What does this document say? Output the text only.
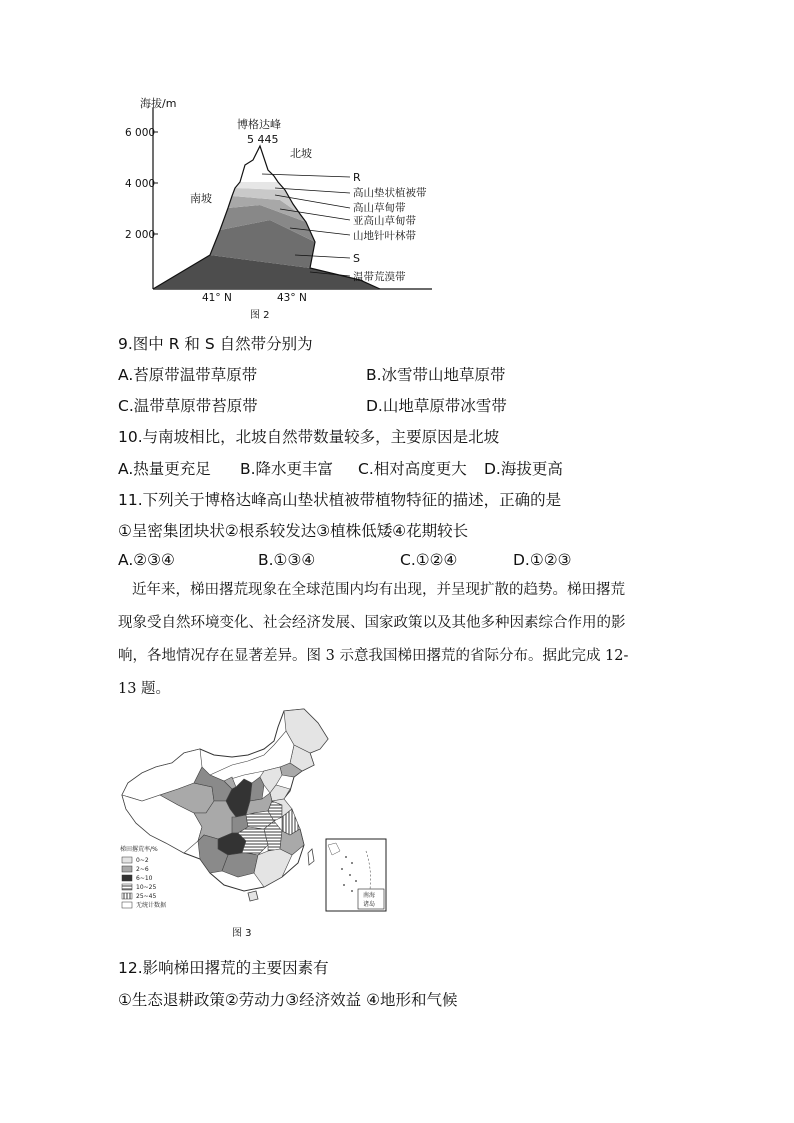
海拔/m
6 000
4 000
2 000
博格达峰
5 445
北坡
南坡
R
高山垫状植被带
高山草甸带
亚高山草甸带
山地针叶林带
S
温带荒漠带
41° N	43° N
图 2
9.图中 R 和 S 自然带分别为
A.苔原带温带草原带	B.冰雪带山地草原带
C.温带草原带苔原带	D.山地草原带冰雪带
10.与南坡相比，北坡自然带数量较多，主要原因是北坡
A.热量更充足 B.降水更丰富 C.相对高度更大 D.海拔更高
11.下列关于博格达峰高山垫状植被带植物特征的描述，正确的是
①呈密集团块状②根系较发达③植株低矮④花期较长
A.②③④	B.①③④	C.①②④	D.①②③
近年来，梯田撂荒现象在全球范围内均有出现，并呈现扩散的趋势。梯田撂荒
现象受自然环境变化、社会经济发展、国家政策以及其他多种因素综合作用的影
响，各地情况存在显著差异。图 3 示意我国梯田撂荒的省际分布。据此完成 12-
13 题。
梯田撂荒率/%
0~2
2~6
6~10
10~25
25~45
无统计数据
南海
诸岛
图 3
12.影响梯田撂荒的主要因素有
①生态退耕政策②劳动力③经济效益 ④地形和气候
